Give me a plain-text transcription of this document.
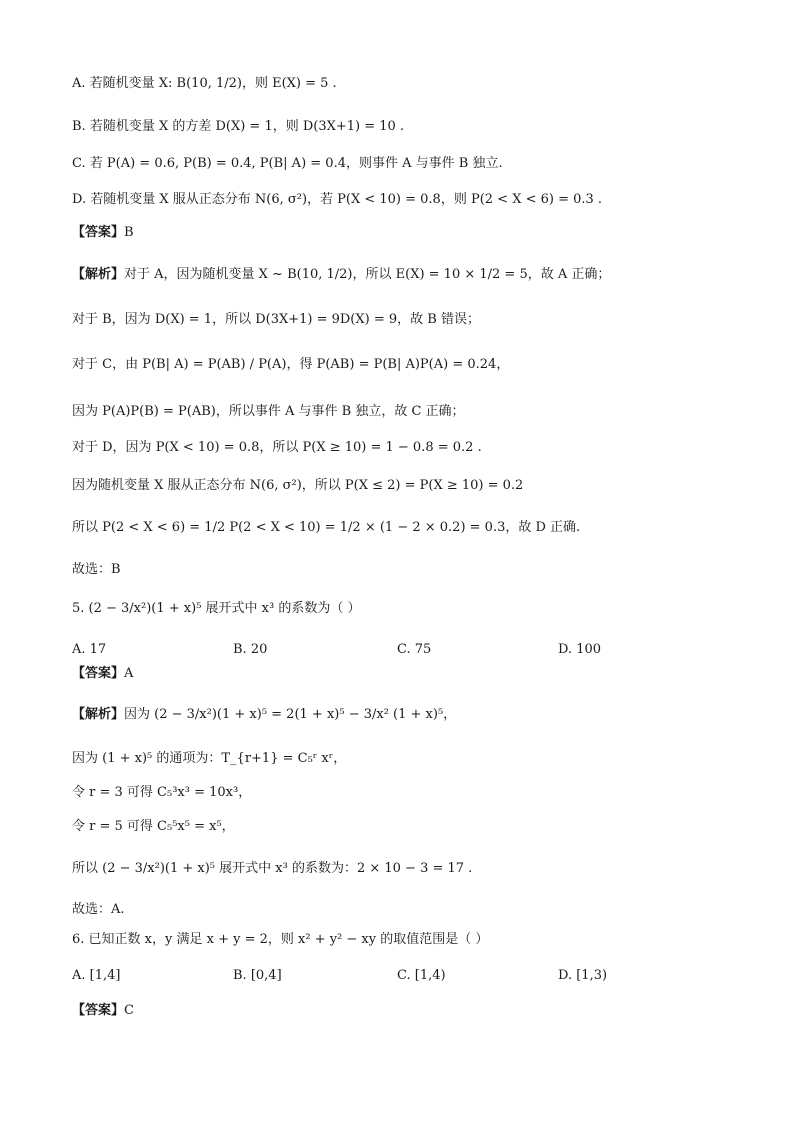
A. 若随机变量 X: B(10, 1/2)，则 E(X) = 5 .
B. 若随机变量 X 的方差 D(X) = 1，则 D(3X+1) = 10 .
C. 若 P(A) = 0.6, P(B) = 0.4, P(B| A) = 0.4，则事件 A 与事件 B 独立.
D. 若随机变量 X 服从正态分布 N(6, σ²)，若 P(X < 10) = 0.8，则 P(2 < X < 6) = 0.3 .
【答案】 B
【解析】 对于 A，因为随机变量 X ~ B(10, 1/2)，所以 E(X) = 10 × 1/2 = 5，故 A 正确；
对于 B，因为 D(X) = 1，所以 D(3X+1) = 9D(X) = 9，故 B 错误；
对于 C，由 P(B| A) = P(AB) / P(A)，得 P(AB) = P(B| A)P(A) = 0.24，
因为 P(A)P(B) = P(AB)，所以事件 A 与事件 B 独立，故 C 正确；
对于 D，因为 P(X < 10) = 0.8，所以 P(X ≥ 10) = 1 − 0.8 = 0.2 .
因为随机变量 X 服从正态分布 N(6, σ²)，所以 P(X ≤ 2) = P(X ≥ 10) = 0.2
所以 P(2 < X < 6) = 1/2 P(2 < X < 10) = 1/2 × (1 − 2 × 0.2) = 0.3，故 D 正确.
故选：B
5. (2 − 3/x²)(1 + x)⁵ 展开式中 x³ 的系数为（ ）
A. 17	B. 20	C. 75	D. 100
【答案】 A
【解析】 因为 (2 − 3/x²)(1 + x)⁵ = 2(1 + x)⁵ − 3/x² (1 + x)⁵，
因为 (1 + x)⁵ 的通项为：T_{r+1} = C₅ʳ xʳ，
令 r = 3 可得 C₅³x³ = 10x³，
令 r = 5 可得 C₅⁵x⁵ = x⁵，
所以 (2 − 3/x²)(1 + x)⁵ 展开式中 x³ 的系数为：2 × 10 − 3 = 17 .
故选：A.
6. 已知正数 x，y 满足 x + y = 2，则 x² + y² − xy 的取值范围是（ ）
A. [1,4]	B. [0,4]	C. [1,4)	D. [1,3)
【答案】 C
